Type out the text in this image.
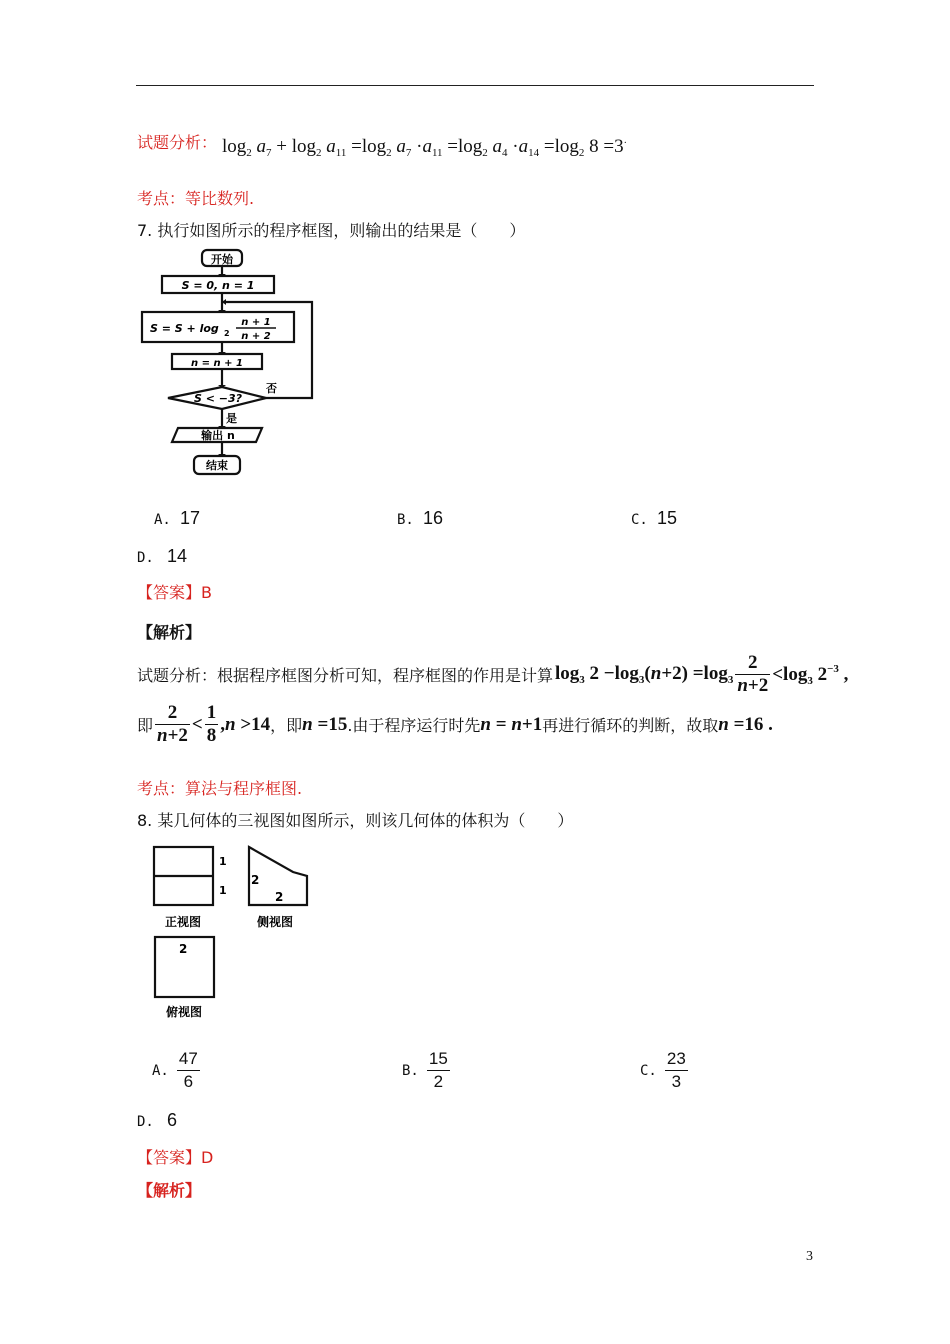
试题分析： $\log_2 a_7 + \log_2 a_{11} =\log_2$ $a_7 \cdot a_{11} =\log_2$ $a_4 \cdot a_{14} =\log_2$ 8 =3·
考点：等比数列.
7. 执行如图所示的程序框图，则输出的结果是（　　）
开始
S = 0, n = 1
S = S + log 2
n + 1
n + 2
n = n + 1
S < −3?
否
是
输出 n
结束
A. 17	B. 16	C. 15
D. 14
【答案】B
【解析】
试题分析：根据程序框图分析可知，程序框图的作用是计算 $\log_3 2 -\log_3(n+2) =\log_3 \frac{2}{n+2} <\log_3$ $2^{-3}$ ,
即 $\frac{2}{n+2} < \frac{1}{8} ,n >14$ ，即 n =15 .由于程序运行时先 n = n+1 再进行循环的判断，故取 n =16 .
考点：算法与程序框图.
8. 某几何体的三视图如图所示，则该几何体的体积为（　　）
1
1
2
2
2
正视图	侧视图
俯视图
A. $\frac{47}{6}$	B. $\frac{15}{2}$	C. $\frac{23}{3}$
D. 6
【答案】D
【解析】
3
